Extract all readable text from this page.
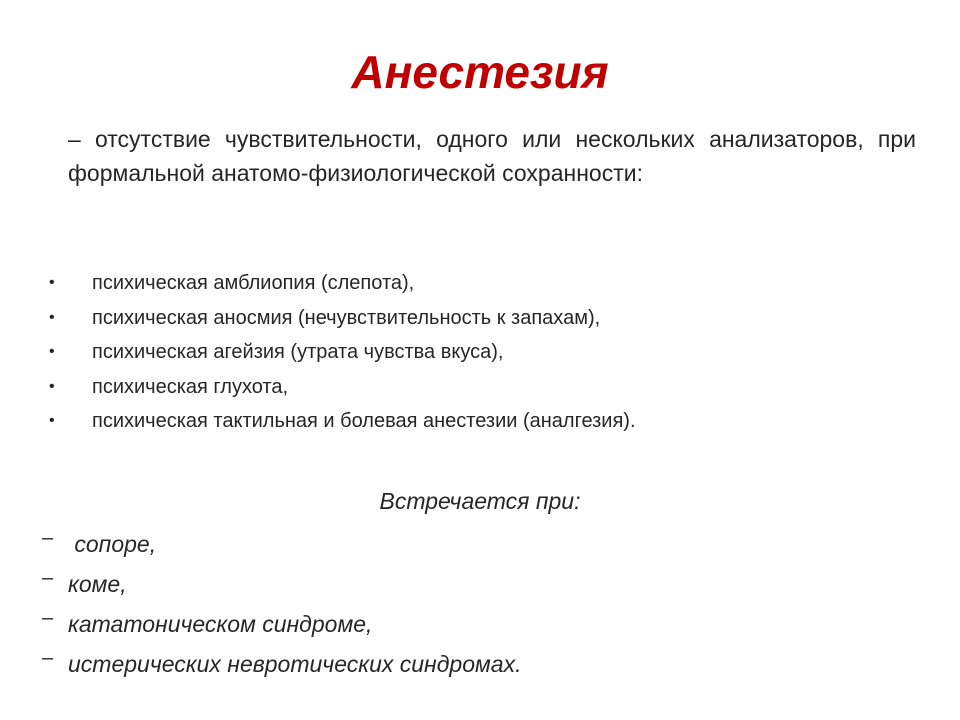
Анестезия
– отсутствие чувствительности, одного или нескольких анализаторов, при формальной анатомо-физиологической сохранности:
• психическая амблиопия (слепота),
• психическая аносмия (нечувствительность к запахам),
• психическая агейзия (утрата чувства вкуса),
• психическая глухота,
• психическая тактильная и болевая анестезии (аналгезия).
Встречается при:
– сопоре,
– коме,
– кататоническом синдроме,
– истерических невротических синдромах.
